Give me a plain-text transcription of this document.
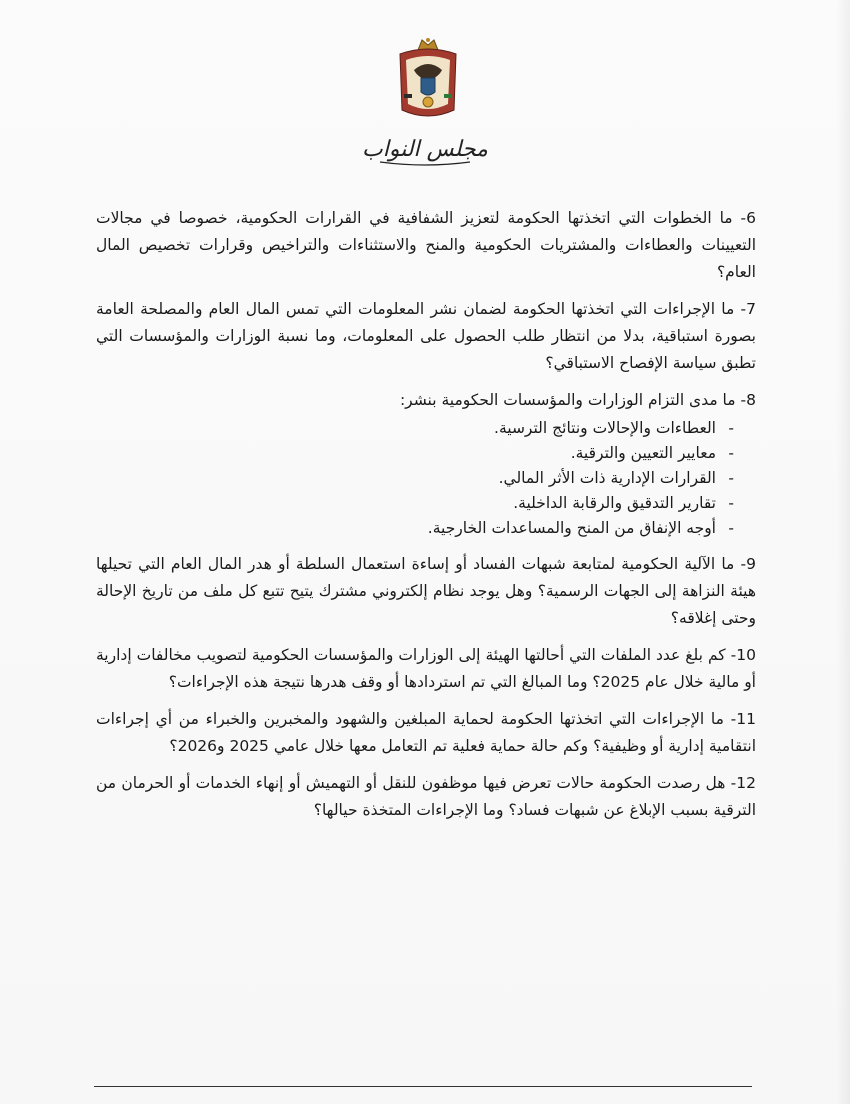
مجلس النواب

6- ما الخطوات التي اتخذتها الحكومة لتعزيز الشفافية في القرارات الحكومية، خصوصا في مجالات التعيينات والعطاءات والمشتريات الحكومية والمنح والاستثناءات والتراخيص وقرارات تخصيص المال العام؟

7- ما الإجراءات التي اتخذتها الحكومة لضمان نشر المعلومات التي تمس المال العام والمصلحة العامة بصورة استباقية، بدلا من انتظار طلب الحصول على المعلومات، وما نسبة الوزارات والمؤسسات التي تطبق سياسة الإفصاح الاستباقي؟

8- ما مدى التزام الوزارات والمؤسسات الحكومية بنشر:

- العطاءات والإحالات ونتائج الترسية.
- معايير التعيين والترقية.
- القرارات الإدارية ذات الأثر المالي.
- تقارير التدقيق والرقابة الداخلية.
- أوجه الإنفاق من المنح والمساعدات الخارجية.

9- ما الآلية الحكومية لمتابعة شبهات الفساد أو إساءة استعمال السلطة أو هدر المال العام التي تحيلها هيئة النزاهة إلى الجهات الرسمية؟ وهل يوجد نظام إلكتروني مشترك يتيح تتبع كل ملف من تاريخ الإحالة وحتى إغلاقه؟

10- كم بلغ عدد الملفات التي أحالتها الهيئة إلى الوزارات والمؤسسات الحكومية لتصويب مخالفات إدارية أو مالية خلال عام 2025؟ وما المبالغ التي تم استردادها أو وقف هدرها نتيجة هذه الإجراءات؟

11- ما الإجراءات التي اتخذتها الحكومة لحماية المبلغين والشهود والمخبرين والخبراء من أي إجراءات انتقامية إدارية أو وظيفية؟ وكم حالة حماية فعلية تم التعامل معها خلال عامي 2025 و2026؟

12- هل رصدت الحكومة حالات تعرض فيها موظفون للنقل أو التهميش أو إنهاء الخدمات أو الحرمان من الترقية بسبب الإبلاغ عن شبهات فساد؟ وما الإجراءات المتخذة حيالها؟
